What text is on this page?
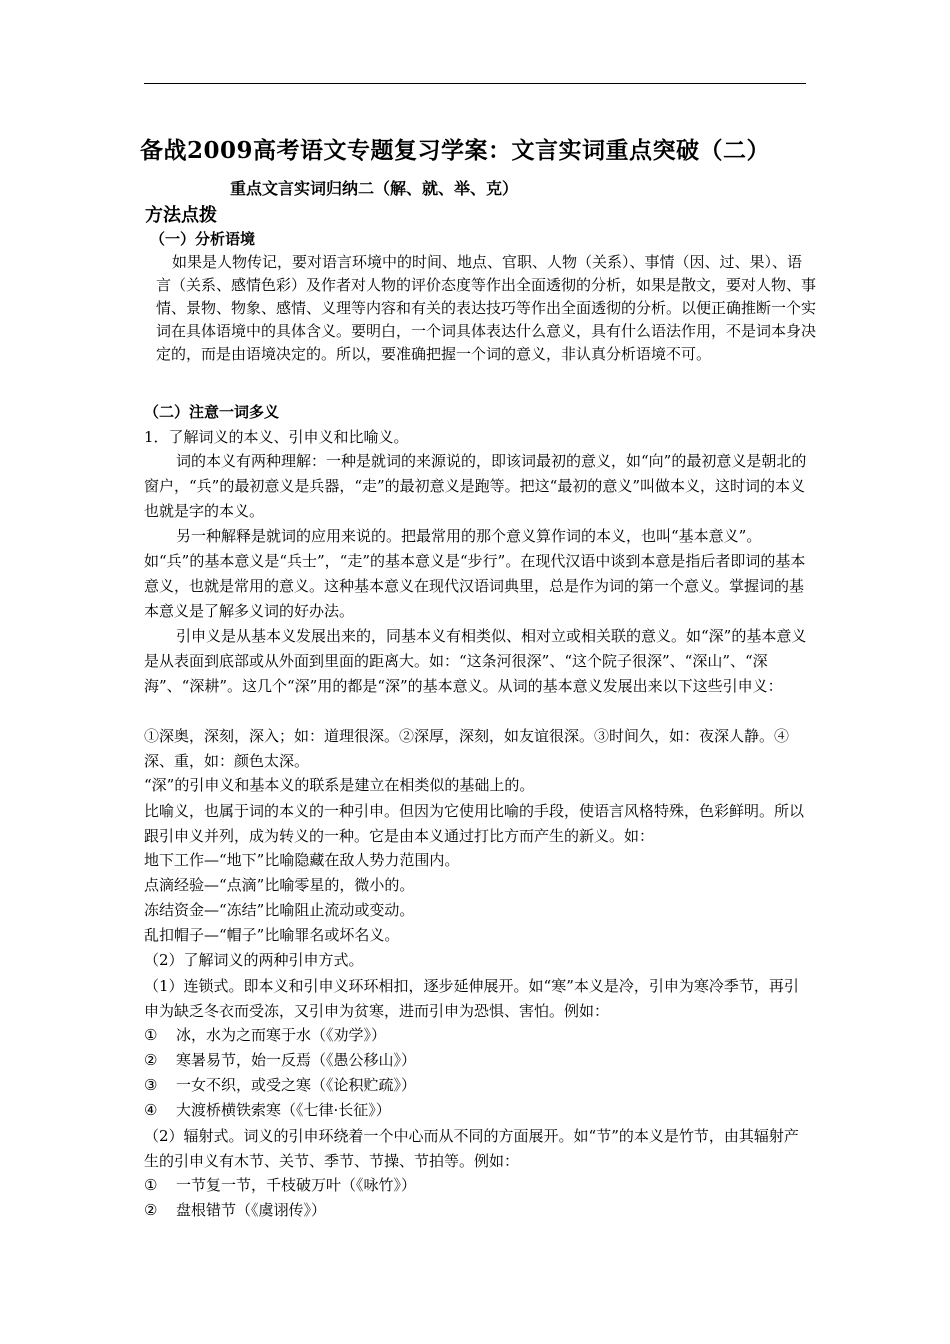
备战2009高考语文专题复习学案：文言实词重点突破（二）
重点文言实词归纳二（解、就、举、克）
方法点拨
（一）分析语境
如果是人物传记，要对语言环境中的时间、地点、官职、人物（关系）、事情（因、过、果）、语言（关系、感情色彩）及作者对人物的评价态度等作出全面透彻的分析，如果是散文，要对人物、事情、景物、物象、感情、义理等内容和有关的表达技巧等作出全面透彻的分析。以便正确推断一个实词在具体语境中的具体含义。要明白，一个词具体表达什么意义，具有什么语法作用，不是词本身决定的，而是由语境决定的。所以，要准确把握一个词的意义，非认真分析语境不可。
（二）注意一词多义
1．了解词义的本义、引申义和比喻义。
词的本义有两种理解：一种是就词的来源说的，即该词最初的意义，如“向”的最初意义是朝北的窗户，“兵”的最初意义是兵器，“走”的最初意义是跑等。把这“最初的意义”叫做本义，这时词的本义也就是字的本义。
另一种解释是就词的应用来说的。把最常用的那个意义算作词的本义，也叫“基本意义”。如“兵”的基本意义是“兵士”，“走”的基本意义是“步行”。在现代汉语中谈到本意是指后者即词的基本意义，也就是常用的意义。这种基本意义在现代汉语词典里，总是作为词的第一个意义。掌握词的基本意义是了解多义词的好办法。
引申义是从基本义发展出来的，同基本义有相类似、相对立或相关联的意义。如“深”的基本意义是从表面到底部或从外面到里面的距离大。如：“这条河很深”、“这个院子很深”、“深山”、“深海”、“深耕”。这几个“深”用的都是“深”的基本意义。从词的基本意义发展出来以下这些引申义：
①深奥，深刻，深入；如：道理很深。②深厚，深刻，如友谊很深。③时间久，如：夜深人静。④深、重，如：颜色太深。
“深”的引申义和基本义的联系是建立在相类似的基础上的。
比喻义，也属于词的本义的一种引申。但因为它使用比喻的手段，使语言风格特殊，色彩鲜明。所以跟引申义并列，成为转义的一种。它是由本义通过打比方而产生的新义。如：
地下工作—“地下”比喻隐藏在敌人势力范围内。
点滴经验—“点滴”比喻零星的，微小的。
冻结资金—“冻结”比喻阻止流动或变动。
乱扣帽子—“帽子”比喻罪名或坏名义。
（2）了解词义的两种引申方式。
（1）连锁式。即本义和引申义环环相扣，逐步延伸展开。如“寒”本义是冷，引申为寒冷季节，再引申为缺乏冬衣而受冻，又引申为贫寒，进而引申为恐惧、害怕。例如：
① 冰，水为之而寒于水（《劝学》）
② 寒暑易节，始一反焉（《愚公移山》）
③ 一女不织，或受之寒（《论积贮疏》）
④ 大渡桥横铁索寒（《七律·长征》）
（2）辐射式。词义的引申环绕着一个中心而从不同的方面展开。如“节”的本义是竹节，由其辐射产生的引申义有木节、关节、季节、节操、节拍等。例如：
① 一节复一节，千枝破万叶（《咏竹》）
② 盘根错节（《虞诩传》）
